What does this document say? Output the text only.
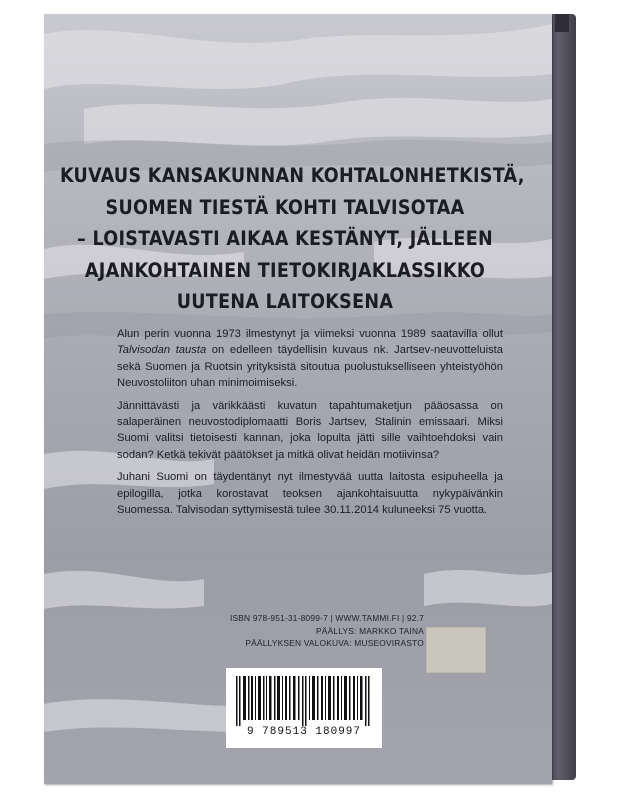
KUVAUS KANSAKUNNAN KOHTALONHETKISTÄ,
SUOMEN TIESTÄ KOHTI TALVISOTAA
– LOISTAVASTI AIKAA KESTÄNYT, JÄLLEEN
AJANKOHTAINEN TIETOKIRJAKLASSIKKO
UUTENA LAITOKSENA

Alun perin vuonna 1973 ilmestynyt ja viimeksi vuonna 1989 saatavilla ollut Talvisodan tausta on edelleen täydellisin kuvaus nk. Jartsev-neuvotteluista sekä Suomen ja Ruotsin yrityksistä sitoutua puolustukselliseen yhteistyöhön Neuvostoliiton uhan minimoimiseksi.

Jännittävästi ja värikkäästi kuvatun tapahtumaketjun pääosassa on salaperäinen neuvostodiplomaatti Boris Jartsev, Stalinin emissaari. Miksi Suomi valitsi tietoisesti kannan, joka lopulta jätti sille vaihtoehdoksi vain sodan? Ketkä tekivät päätökset ja mitkä olivat heidän motiivinsa?

Juhani Suomi on täydentänyt nyt ilmestyvää uutta laitosta esipuheella ja epilogilla, jotka korostavat teoksen ajankohtaisuutta nykypäivänkin Suomessa. Talvisodan syttymisestä tulee 30.11.2014 kuluneeksi 75 vuotta.

ISBN 978-951-31-8099-7 | WWW.TAMMI.FI | 92.7
PÄÄLLYS: MARKKO TAINA
PÄÄLLYKSEN VALOKUVA: MUSEOVIRASTO
9 789513 180997
